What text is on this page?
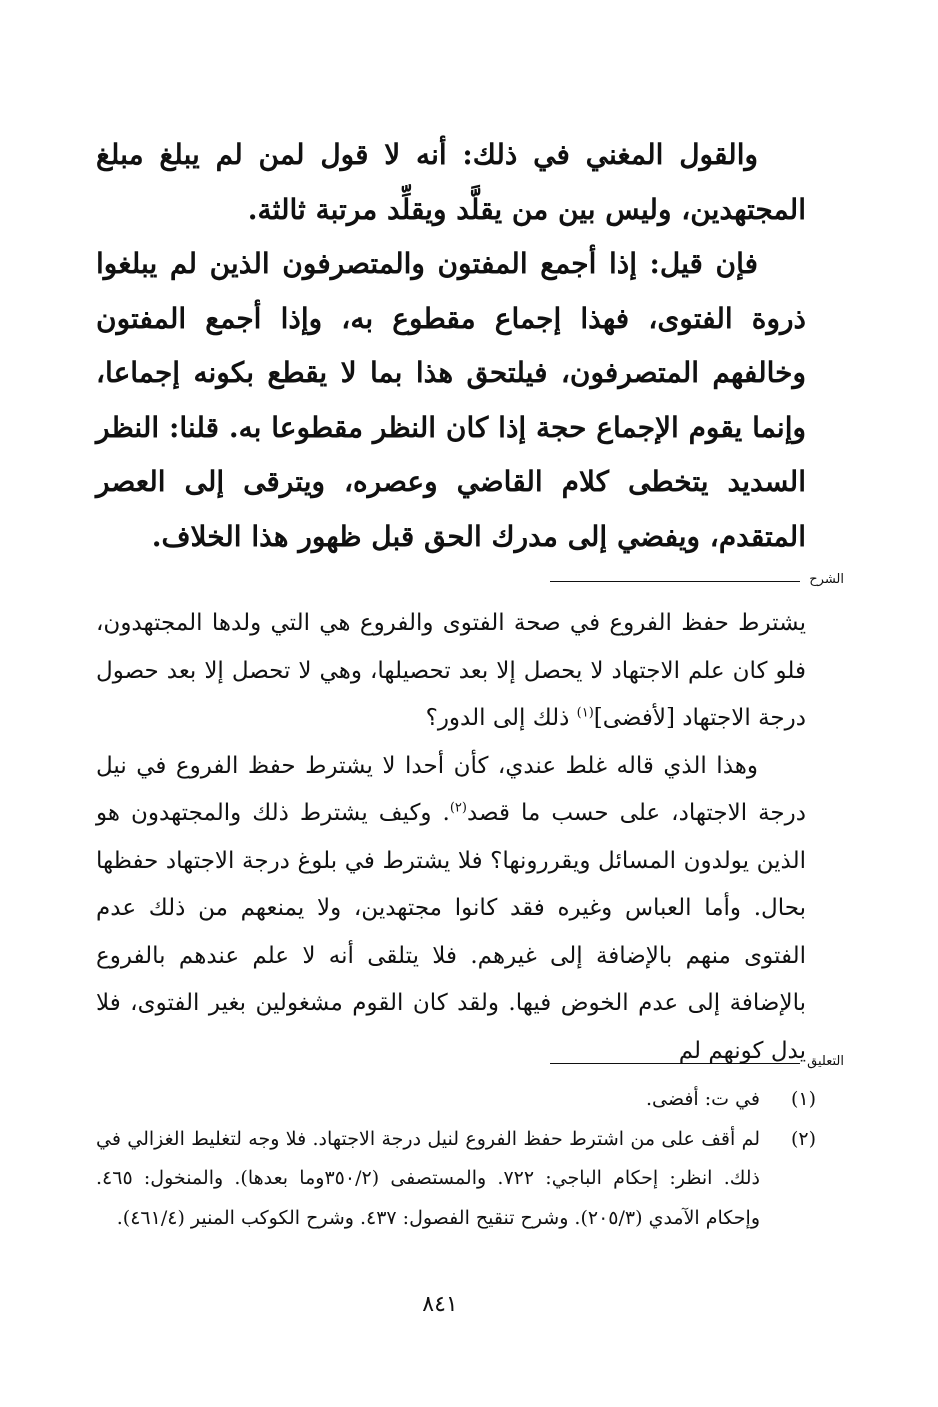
والقول المغني في ذلك: أنه لا قول لمن لم يبلغ مبلغ المجتهدين، وليس بين من يقلَّد ويقلِّد مرتبة ثالثة.

فإن قيل: إذا أجمع المفتون والمتصرفون الذين لم يبلغوا ذروة الفتوى، فهذا إجماع مقطوع به، وإذا أجمع المفتون وخالفهم المتصرفون، فيلتحق هذا بما لا يقطع بكونه إجماعا، وإنما يقوم الإجماع حجة إذا كان النظر مقطوعا به. قلنا: النظر السديد يتخطى كلام القاضي وعصره، ويترقى إلى العصر المتقدم، ويفضي إلى مدرك الحق قبل ظهور هذا الخلاف.

الشرح

يشترط حفظ الفروع في صحة الفتوى والفروع هي التي ولدها المجتهدون، فلو كان علم الاجتهاد لا يحصل إلا بعد تحصيلها، وهي لا تحصل إلا بعد حصول درجة الاجتهاد [لأفضى]$^{(١)}$ ذلك إلى الدور؟

وهذا الذي قاله غلط عندي، كأن أحدا لا يشترط حفظ الفروع في نيل درجة الاجتهاد، على حسب ما قصد$^{(٢)}$. وكيف يشترط ذلك والمجتهدون هو الذين يولدون المسائل ويقررونها؟ فلا يشترط في بلوغ درجة الاجتهاد حفظها بحال. وأما العباس وغيره فقد كانوا مجتهدين، ولا يمنعهم من ذلك عدم الفتوى منهم بالإضافة إلى غيرهم. فلا يتلقى أنه لا علم عندهم بالفروع بالإضافة إلى عدم الخوض فيها. ولقد كان القوم مشغولين بغير الفتوى، فلا يدل كونهم لم التعليق
(١)
في ت: أفضى.
(٢)
لم أقف على من اشترط حفظ الفروع لنيل درجة الاجتهاد. فلا وجه لتغليط الغزالي في ذلك. انظر: إحكام الباجي: ٧٢٢. والمستصفى (٣٥٠/٢وما بعدها). والمنخول: ٤٦٥. وإحكام الآمدي (٢٠٥/٣). وشرح تنقيح الفصول: ٤٣٧. وشرح الكوكب المنير (٤٦١/٤).
٨٤١
